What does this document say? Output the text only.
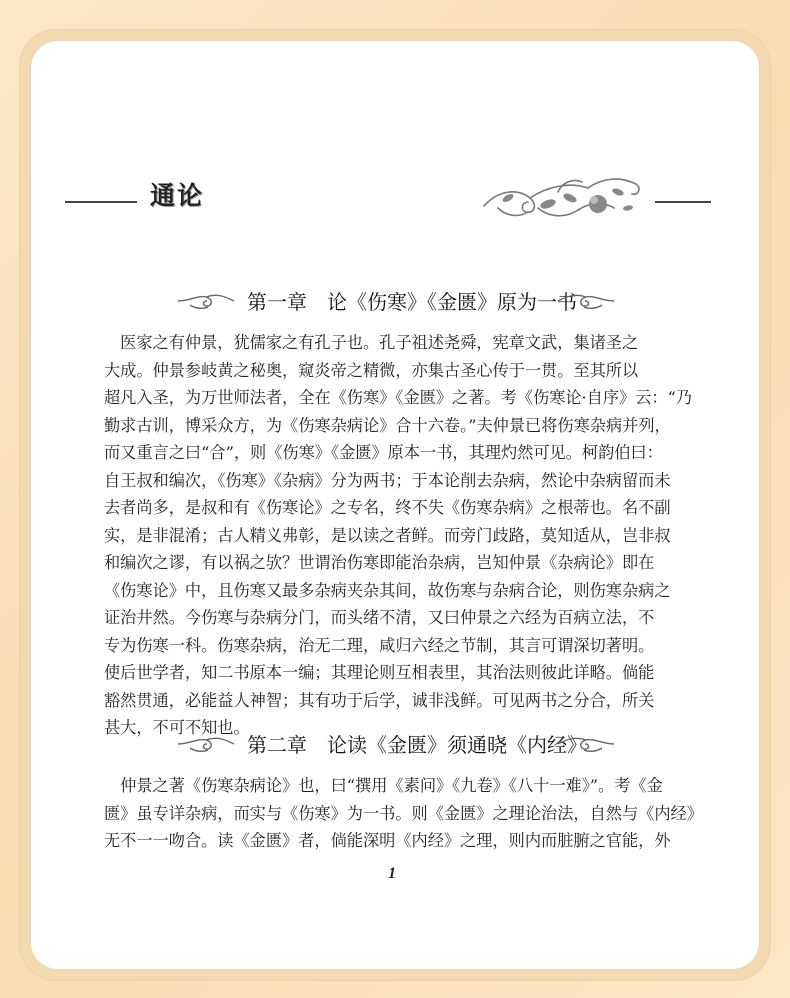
通论
第一章 论《伤寒》《金匮》原为一书
　医家之有仲景，犹儒家之有孔子也。孔子祖述尧舜，宪章文武，集诸圣之
大成。仲景参岐黄之秘奥，窥炎帝之精微，亦集古圣心传于一贯。至其所以
超凡入圣，为万世师法者，全在《伤寒》《金匮》之著。考《伤寒论·自序》云：“乃
勤求古训，博采众方，为《伤寒杂病论》合十六卷。”夫仲景已将伤寒杂病并列，
而又重言之曰“合”，则《伤寒》《金匮》原本一书，其理灼然可见。柯韵伯曰：
自王叔和编次，《伤寒》《杂病》分为两书；于本论削去杂病，然论中杂病留而未
去者尚多，是叔和有《伤寒论》之专名，终不失《伤寒杂病》之根蒂也。名不副
实，是非混淆；古人精义弗彰，是以读之者鲜。而旁门歧路，莫知适从，岂非叔
和编次之谬，有以祸之欤？世谓治伤寒即能治杂病，岂知仲景《杂病论》即在
《伤寒论》中，且伤寒又最多杂病夹杂其间，故伤寒与杂病合论，则伤寒杂病之
证治井然。今伤寒与杂病分门，而头绪不清，又曰仲景之六经为百病立法，不
专为伤寒一科。伤寒杂病，治无二理，咸归六经之节制，其言可谓深切著明。
使后世学者，知二书原本一编；其理论则互相表里，其治法则彼此详略。倘能
豁然贯通，必能益人神智；其有功于后学，诚非浅鲜。可见两书之分合，所关
甚大，不可不知也。
第二章 论读《金匮》须通晓《内经》
　仲景之著《伤寒杂病论》也，曰“撰用《素问》《九卷》《八十一难》”。考《金
匮》虽专详杂病，而实与《伤寒》为一书。则《金匮》之理论治法，自然与《内经》
无不一一吻合。读《金匮》者，倘能深明《内经》之理，则内而脏腑之官能，外
1
